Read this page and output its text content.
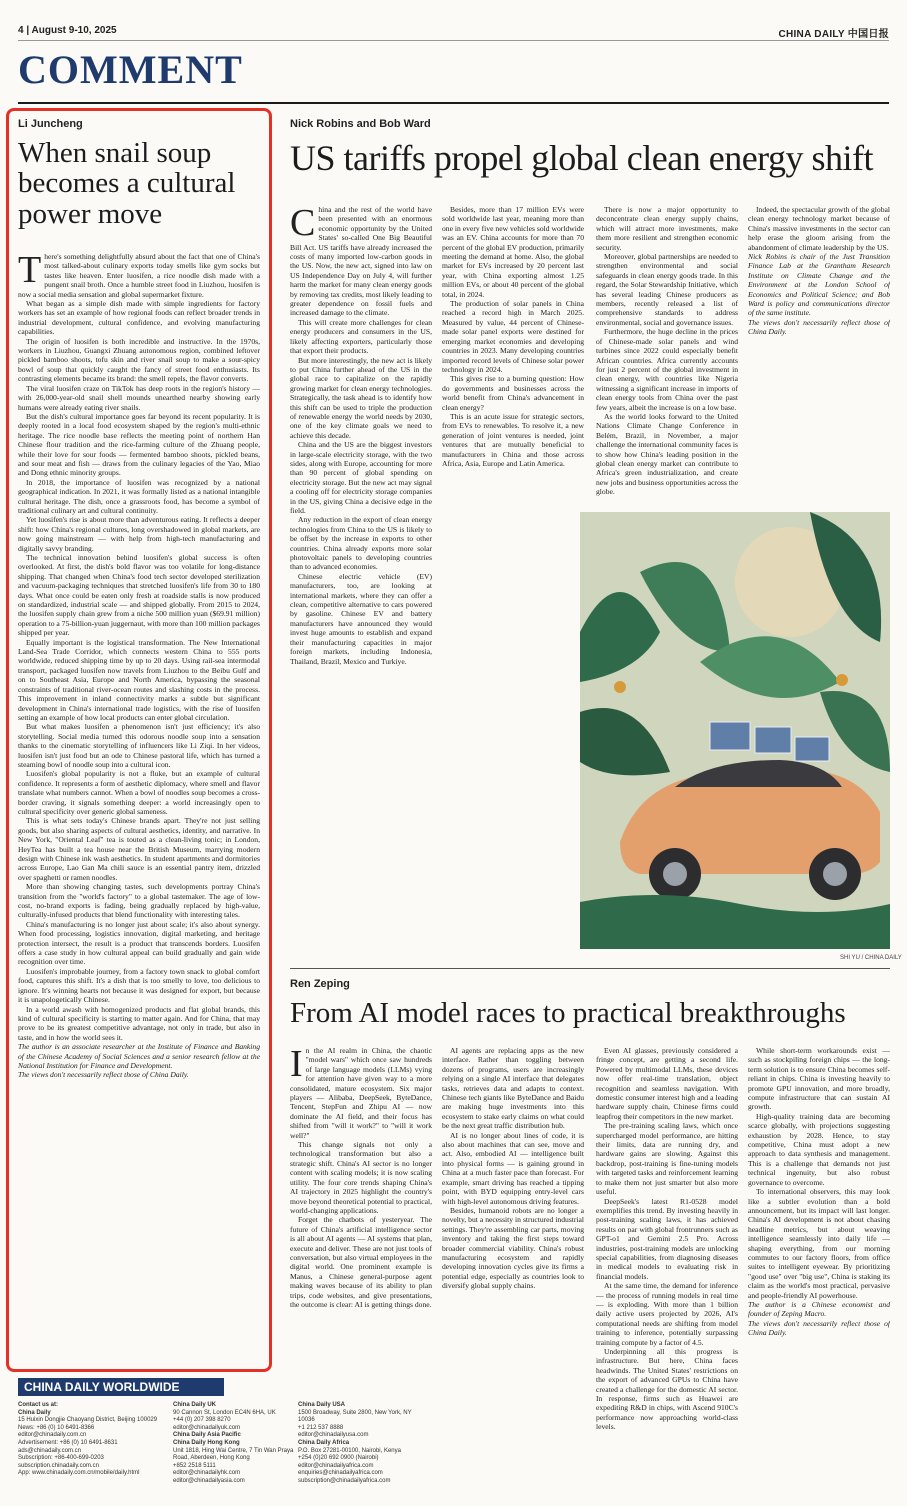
4 | August 9-10, 2025	CHINA DAILY 中国日报
COMMENT
Li Juncheng
When snail soup becomes a cultural power move

There's something delightfully absurd about the fact that one of China's most talked-about culinary exports today smells like gym socks but tastes like heaven. Enter luosifen, a rice noodle dish made with a pungent snail broth. Once a humble street food in Liuzhou, luosifen is now a social media sensation and global supermarket fixture.

What began as a simple dish made with simple ingredients for factory workers has set an example of how regional foods can reflect broader trends in industrial development, cultural confidence, and evolving manufacturing capabilities.

The origin of luosifen is both incredible and instructive. In the 1970s, workers in Liuzhou, Guangxi Zhuang autonomous region, combined leftover pickled bamboo shoots, tofu skin and river snail soup to make a sour-spicy bowl of soup that quickly caught the fancy of street food enthusiasts. Its contrasting elements became its brand: the smell repels, the flavor converts.

The viral luosifen craze on TikTok has deep roots in the region's history — with 26,000-year-old snail shell mounds unearthed nearby showing early humans were already eating river snails.

But the dish's cultural importance goes far beyond its recent popularity. It is deeply rooted in a local food ecosystem shaped by the region's multi-ethnic heritage. The rice noodle base reflects the meeting point of northern Han Chinese flour tradition and the rice-farming culture of the Zhuang people, while their love for sour foods — fermented bamboo shoots, pickled beans, and sour meat and fish — draws from the culinary legacies of the Yao, Miao and Dong ethnic minority groups.

In 2018, the importance of luosifen was recognized by a national geographical indication. In 2021, it was formally listed as a national intangible cultural heritage. The dish, once a grassroots food, has become a symbol of traditional culinary art and cultural continuity.

Yet luosifen's rise is about more than adventurous eating. It reflects a deeper shift: how China's regional cultures, long overshadowed in global markets, are now going mainstream — with help from high-tech manufacturing and digitally savvy branding.

The technical innovation behind luosifen's global success is often overlooked. At first, the dish's bold flavor was too volatile for long-distance shipping. That changed when China's food tech sector developed sterilization and vacuum-packaging techniques that stretched luosifen's life from 30 to 180 days. What once could be eaten only fresh at roadside stalls is now produced on standardized, industrial scale — and shipped globally. From 2015 to 2024, the luosifen supply chain grew from a niche 500 million yuan ($69.91 million) operation to a 75-billion-yuan juggernaut, with more than 100 million packages shipped per year.

Equally important is the logistical transformation. The New International Land-Sea Trade Corridor, which connects western China to 555 ports worldwide, reduced shipping time by up to 20 days. Using rail-sea intermodal transport, packaged luosifen now travels from Liuzhou to the Beibu Gulf and on to Southeast Asia, Europe and North America, bypassing the seasonal constraints of traditional river-ocean routes and slashing costs in the process. This improvement in inland connectivity marks a subtle but significant development in China's international trade logistics, with the rise of luosifen setting an example of how local products can enter global circulation.

But what makes luosifen a phenomenon isn't just efficiency; it's also storytelling. Social media turned this odorous noodle soup into a sensation thanks to the cinematic storytelling of influencers like Li Ziqi. In her videos, luosifen isn't just food but an ode to Chinese pastoral life, which has turned a steaming bowl of noodle soup into a cultural icon.

Luosifen's global popularity is not a fluke, but an example of cultural confidence. It represents a form of aesthetic diplomacy, where smell and flavor translate what numbers cannot. When a bowl of noodles soup becomes a cross-border craving, it signals something deeper: a world increasingly open to cultural specificity over generic global sameness.

This is what sets today's Chinese brands apart. They're not just selling goods, but also sharing aspects of cultural aesthetics, identity, and narrative. In New York, "Oriental Leaf" tea is touted as a clean-living tonic; in London, HeyTea has built a tea house near the British Museum, marrying modern design with Chinese ink wash aesthetics. In student apartments and dormitories across Europe, Lao Gan Ma chili sauce is an essential pantry item, drizzled over spaghetti or ramen noodles.

More than showing changing tastes, such developments portray China's transition from the "world's factory" to a global tastemaker. The age of low-cost, no-brand exports is fading, being gradually replaced by high-value, culturally-infused products that blend functionality with interesting tales.

China's manufacturing is no longer just about scale; it's also about synergy. When food processing, logistics innovation, digital marketing, and heritage protection intersect, the result is a product that transcends borders. Luosifen offers a case study in how cultural appeal can build gradually and gain wide recognition over time.

Luosifen's improbable journey, from a factory town snack to global comfort food, captures this shift. It's a dish that is too smelly to love, too delicious to ignore. It's winning hearts not because it was designed for export, but because it is unapologetically Chinese.

In a world awash with homogenized products and flat global brands, this kind of cultural specificity is starting to matter again. And for China, that may prove to be its greatest competitive advantage, not only in trade, but also in taste, and in how the world sees it.

The author is an associate researcher at the Institute of Finance and Banking of the Chinese Academy of Social Sciences and a senior research fellow at the National Institution for Finance and Development.

The views don't necessarily reflect those of China Daily.

Nick Robins and Bob Ward
US tariffs propel global clean energy shift

China and the rest of the world have been presented with an enormous economic opportunity by the United States' so-called One Big Beautiful Bill Act. US tariffs have already increased the costs of many imported low-carbon goods in the US. Now, the new act, signed into law on US Independence Day on July 4, will further harm the market for many clean energy goods by removing tax credits, most likely leading to greater dependence on fossil fuels and increased damage to the climate.

This will create more challenges for clean energy producers and consumers in the US, likely affecting exporters, particularly those that export their products.

But more interestingly, the new act is likely to put China further ahead of the US in the global race to capitalize on the rapidly growing market for clean energy technologies. Strategically, the task ahead is to identify how this shift can be used to triple the production of renewable energy the world needs by 2030, one of the key climate goals we need to achieve this decade.

China and the US are the biggest investors in large-scale electricity storage, with the two sides, along with Europe, accounting for more than 90 percent of global spending on electricity storage. But the new act may signal a cooling off for electricity storage companies in the US, giving China a decisive edge in the field.

Any reduction in the export of clean energy technologies from China to the US is likely to be offset by the increase in exports to other countries. China already exports more solar photovoltaic panels to developing countries than to advanced economies.

Chinese electric vehicle (EV) manufacturers, too, are looking at international markets, where they can offer a clean, competitive alternative to cars powered by gasoline. Chinese EV and battery manufacturers have announced they would invest huge amounts to establish and expand their manufacturing capacities in major foreign markets, including Indonesia, Thailand, Brazil, Mexico and Turkiye.

Besides, more than 17 million EVs were sold worldwide last year, meaning more than one in every five new vehicles sold worldwide was an EV. China accounts for more than 70 percent of the global EV production, primarily meeting the demand at home. Also, the global market for EVs increased by 20 percent last year, with China exporting almost 1.25 million EVs, or about 40 percent of the global total, in 2024.

The production of solar panels in China reached a record high in March 2025. Measured by value, 44 percent of Chinese-made solar panel exports were destined for emerging market economies and developing countries in 2023. Many developing countries imported record levels of Chinese solar power technology in 2024.

This gives rise to a burning question: How do governments and businesses across the world benefit from China's advancement in clean energy?

This is an acute issue for strategic sectors, from EVs to renewables. To resolve it, a new generation of joint ventures is needed, joint ventures that are mutually beneficial to manufacturers in China and those across Africa, Asia, Europe and Latin America.

There is now a major opportunity to deconcentrate clean energy supply chains, which will attract more investments, make them more resilient and strengthen economic security.

Moreover, global partnerships are needed to strengthen environmental and social safeguards in clean energy goods trade. In this regard, the Solar Stewardship Initiative, which has several leading Chinese producers as members, recently released a list of comprehensive standards to address environmental, social and governance issues.

Furthermore, the huge decline in the prices of Chinese-made solar panels and wind turbines since 2022 could especially benefit African countries. Africa currently accounts for just 2 percent of the global investment in clean energy, with countries like Nigeria witnessing a significant increase in imports of clean energy tools from China over the past few years, albeit the increase is on a low base.

As the world looks forward to the United Nations Climate Change Conference in Belém, Brazil, in November, a major challenge the international community faces is to show how China's leading position in the global clean energy market can contribute to Africa's green industrialization, and create new jobs and business opportunities across the globe.

Indeed, the spectacular growth of the global clean energy technology market because of China's massive investments in the sector can help erase the gloom arising from the abandonment of climate leadership by the US.

Nick Robins is chair of the Just Transition Finance Lab at the Grantham Research Institute on Climate Change and the Environment at the London School of Economics and Political Science; and Bob Ward is policy and communications director of the same institute.

The views don't necessarily reflect those of China Daily.

SHI YU / CHINA DAILY
Ren Zeping
From AI model races to practical breakthroughs

In the AI realm in China, the chaotic "model wars" which once saw hundreds of large language models (LLMs) vying for attention have given way to a more consolidated, mature ecosystem. Six major players — Alibaba, DeepSeek, ByteDance, Tencent, StepFun and Zhipu AI — now dominate the AI field, and their focus has shifted from "will it work?" to "will it work well?"

This change signals not only a technological transformation but also a strategic shift. China's AI sector is no longer content with scaling models; it is now scaling utility. The four core trends shaping China's AI trajectory in 2025 highlight the country's move beyond theoretical potential to practical, world-changing applications.

Forget the chatbots of yesteryear. The future of China's artificial intelligence sector is all about AI agents — AI systems that plan, execute and deliver. These are not just tools of conversation, but also virtual employees in the digital world. One prominent example is Manus, a Chinese general-purpose agent making waves because of its ability to plan trips, code websites, and give presentations, the outcome is clear: AI is getting things done.

AI agents are replacing apps as the new interface. Rather than toggling between dozens of programs, users are increasingly relying on a single AI interface that delegates tasks, retrieves data and adapts to context. Chinese tech giants like ByteDance and Baidu are making huge investments into this ecosystem to stake early claims on what could be the next great traffic distribution hub.

AI is no longer about lines of code, it is also about machines that can see, move and act. Also, embodied AI — intelligence built into physical forms — is gaining ground in China at a much faster pace than forecast. For example, smart driving has reached a tipping point, with BYD equipping entry-level cars with high-level autonomous driving features.

Besides, humanoid robots are no longer a novelty, but a necessity in structured industrial settings. They're assembling car parts, moving inventory and taking the first steps toward broader commercial viability. China's robust manufacturing ecosystem and rapidly developing innovation cycles give its firms a potential edge, especially as countries look to diversify global supply chains.

Even AI glasses, previously considered a fringe concept, are getting a second life. Powered by multimodal LLMs, these devices now offer real-time translation, object recognition and seamless navigation. With domestic consumer interest high and a leading hardware supply chain, Chinese firms could leapfrog their competitors in the new market.

The pre-training scaling laws, which once supercharged model performance, are hitting their limits, data are running dry, and hardware gains are slowing. Against this backdrop, post-training is fine-tuning models with targeted tasks and reinforcement learning to make them not just smarter but also more useful.

DeepSeek's latest R1-0528 model exemplifies this trend. By investing heavily in post-training scaling laws, it has achieved results on par with global frontrunners such as GPT-o1 and Gemini 2.5 Pro. Across industries, post-training models are unlocking special capabilities, from diagnosing diseases in medical models to evaluating risk in financial models.

At the same time, the demand for inference — the process of running models in real time — is exploding. With more than 1 billion daily active users projected by 2026, AI's computational needs are shifting from model training to inference, potentially surpassing training compute by a factor of 4.5.

Underpinning all this progress is infrastructure. But here, China faces headwinds. The United States' restrictions on the export of advanced GPUs to China have created a challenge for the domestic AI sector. In response, firms such as Huawei are expediting R&D in chips, with Ascend 910C's performance now approaching world-class levels.

While short-term workarounds exist — such as stockpiling foreign chips — the long-term solution is to ensure China becomes self-reliant in chips. China is investing heavily to promote GPU innovation, and more broadly, compute infrastructure that can sustain AI growth.

High-quality training data are becoming scarce globally, with projections suggesting exhaustion by 2028. Hence, to stay competitive, China must adopt a new approach to data synthesis and management. This is a challenge that demands not just technical ingenuity, but also robust governance to overcome.

To international observers, this may look like a subtler evolution than a bold announcement, but its impact will last longer. China's AI development is not about chasing headline metrics, but about weaving intelligence seamlessly into daily life — shaping everything, from our morning commutes to our factory floors, from office suites to intelligent eyewear. By prioritizing "good use" over "big use", China is staking its claim as the world's most practical, pervasive and people-friendly AI powerhouse.

The author is a Chinese economist and founder of Zeping Macro.

The views don't necessarily reflect those of China Daily.

CHINA DAILY WORLDWIDE
Contact us at:
China Daily
15 Huixin Dongjie Chaoyang District, Beijing 100029
News: +86 (0) 10 6491-8366
editor@chinadaily.com.cn
Advertisement: +86 (0) 10 6491-8631
ads@chinadaily.com.cn
Subscription: +86-400-699-0203
subscription.chinadaily.com.cn
App: www.chinadaily.com.cn/mobile/daily.html
China Daily UK
90 Cannon St, London EC4N 6HA, UK
+44 (0) 207 398 8270
editor@chinadailyuk.com
China Daily Asia Pacific
China Daily Hong Kong
Unit 1818, Hing Wai Centre, 7 Tin Wan Praya Road, Aberdeen, Hong Kong
+852 2518 5111
editor@chinadailyhk.com
editor@chinadailyasia.com
China Daily USA
1500 Broadway, Suite 2800, New York, NY 10036
+1 212 537 8888
editor@chinadailyusa.com
China Daily Africa
P.O. Box 27281-00100, Nairobi, Kenya
+254 (0)20 692 0900 (Nairobi)
editor@chinadailyafrica.com
enquiries@chinadailyafrica.com
subscription@chinadailyafrica.com
